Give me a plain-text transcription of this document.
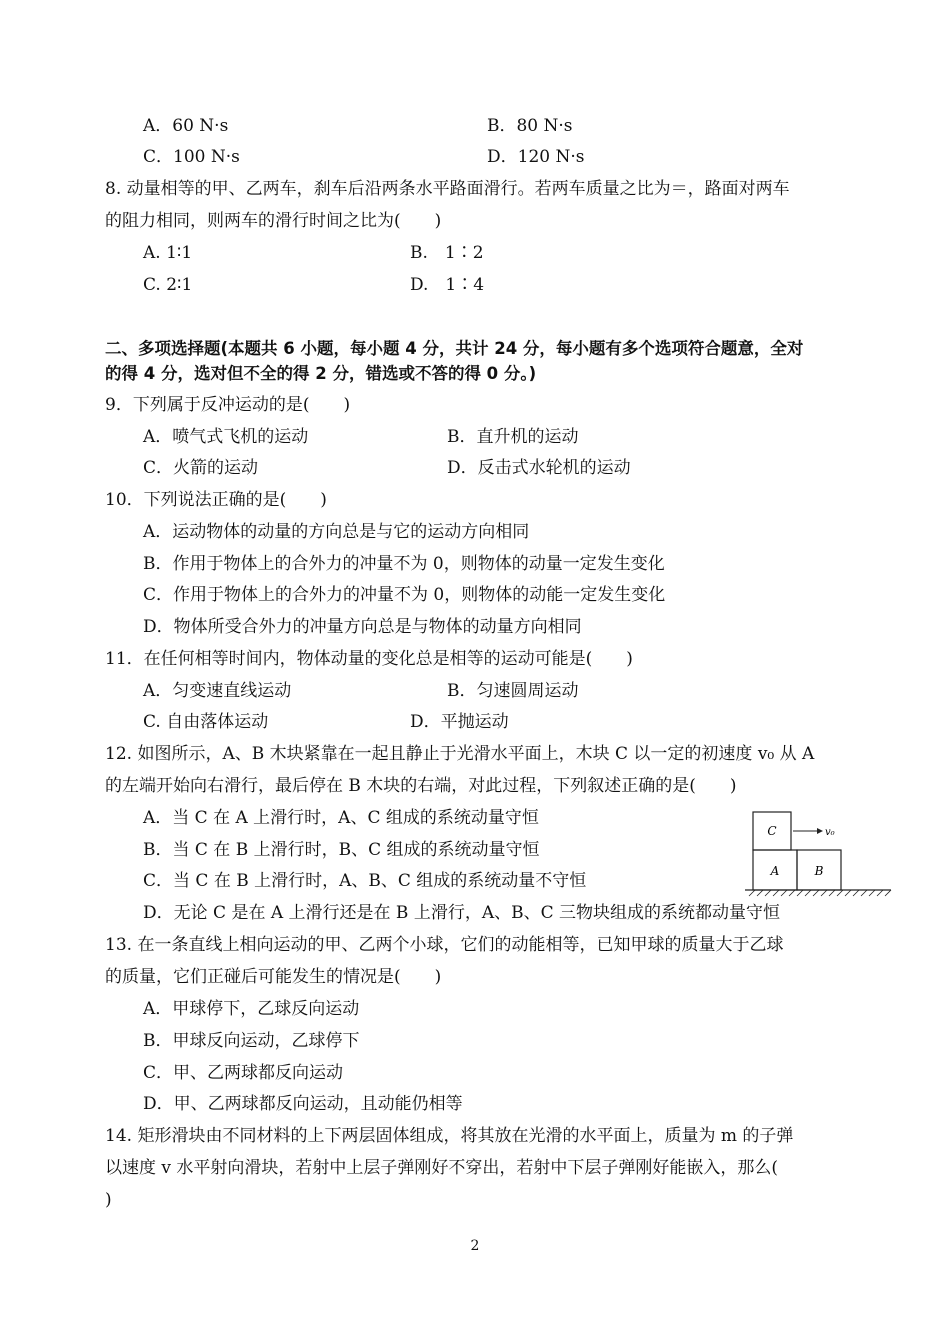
A．60 N·s	B．80 N·s
C．100 N·s	D．120 N·s
8. 动量相等的甲、乙两车，刹车后沿两条水平路面滑行。若两车质量之比为＝，路面对两车
的阻力相同，则两车的滑行时间之比为(　　)
A. 1∶1	B.　1∶2
C. 2∶1	D.　1∶4
二、多项选择题(本题共 6 小题，每小题 4 分，共计 24 分，每小题有多个选项符合题意，全对
的得 4 分，选对但不全的得 2 分，错选或不答的得 0 分。)
9．下列属于反冲运动的是(　　)
A．喷气式飞机的运动	B．直升机的运动
C．火箭的运动	D．反击式水轮机的运动
10．下列说法正确的是(　　)
A．运动物体的动量的方向总是与它的运动方向相同
B．作用于物体上的合外力的冲量不为 0，则物体的动量一定发生变化
C．作用于物体上的合外力的冲量不为 0，则物体的动能一定发生变化
D．物体所受合外力的冲量方向总是与物体的动量方向相同
11．在任何相等时间内，物体动量的变化总是相等的运动可能是(　　)
A．匀变速直线运动	B．匀速圆周运动
C. 自由落体运动	D．平抛运动
12. 如图所示，A、B 木块紧靠在一起且静止于光滑水平面上，木块 C 以一定的初速度 v₀ 从 A
的左端开始向右滑行，最后停在 B 木块的右端，对此过程，下列叙述正确的是(　　)
A．当 C 在 A 上滑行时，A、C 组成的系统动量守恒
B．当 C 在 B 上滑行时，B、C 组成的系统动量守恒
C．当 C 在 B 上滑行时，A、B、C 组成的系统动量不守恒
D．无论 C 是在 A 上滑行还是在 B 上滑行，A、B、C 三物块组成的系统都动量守恒
C	v₀
A	B
13. 在一条直线上相向运动的甲、乙两个小球，它们的动能相等，已知甲球的质量大于乙球
的质量，它们正碰后可能发生的情况是(　　)
A．甲球停下，乙球反向运动
B．甲球反向运动，乙球停下
C．甲、乙两球都反向运动
D．甲、乙两球都反向运动，且动能仍相等
14. 矩形滑块由不同材料的上下两层固体组成，将其放在光滑的水平面上，质量为 m 的子弹
以速度 v 水平射向滑块，若射中上层子弹刚好不穿出，若射中下层子弹刚好能嵌入，那么(
)
2
